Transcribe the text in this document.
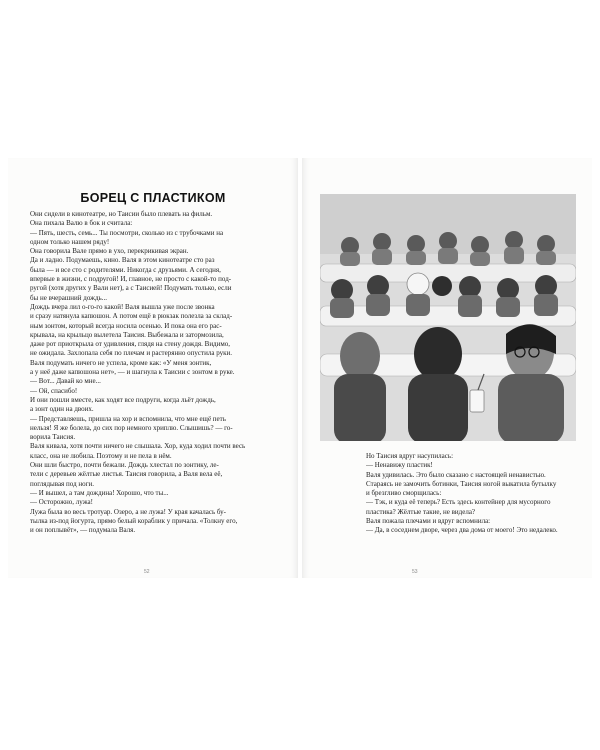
БОРЕЦ С ПЛАСТИКОМ

Они сидели в кинотеатре, но Таисии было плевать на фильм.

Она пихала Валю в бок и считала:

— Пять, шесть, семь... Ты посмотри, сколько из с трубочками на

одном только нашем ряду!

Она говорила Вале прямо в ухо, перекрикивая экран.

Да и ладно. Подумаешь, кино. Валя в этом кинотеатре сто раз

была — и все сто с родителями. Никогда с друзьями. А сегодня,

впервые в жизни, с подругой! И, главное, не просто с какой-то под-

ругой (хотя других у Вали нет), а с Таисией! Подумать только, если

бы не вчерашний дождь...

Дождь вчера лил о-го-го какой! Валя вышла уже после звонка

и сразу натянула капюшон. А потом ещё в рюкзак полезла за склад-

ным зонтом, который всегда носила осенью. И пока она его рас-

крывала, на крыльцо вылетела Таисия. Выбежала и затормозила,

даже рот приоткрыла от удивления, глядя на стену дождя. Видимо,

не ожидала. Захлопала себя по плечам и растерянно опустила руки.

Валя подумать ничего не успела, кроме как: «У меня зонтик,

а у неё даже капюшона нет», — и шагнула к Таисии с зонтом в руке.

— Вот... Давай ко мне...

— Ой, спасибо!

И они пошли вместе, как ходят все подруги, когда льёт дождь,

а зонт один на двоих.

— Представляешь, пришла на хор и вспомнила, что мне ещё петь

нельзя! Я же болела, до сих пор немного хриплю. Слышишь? — го-

ворила Таисия.

Валя кивала, хотя почти ничего не слышала. Хор, куда ходил почти весь

класс, она не любила. Поэтому и не пела в нём.

Они шли быстро, почти бежали. Дождь хлестал по зонтику, ле-

тели с деревьев жёлтые листья. Таисия говорила, а Валя вела её,

поглядывая под ноги.

— И вышел, а там дождина! Хорошо, что ты...

— Осторожно, лужа!

Лужа была во весь тротуар. Озеро, а не лужа! У края качалась бу-

тылка из-под йогурта, прямо белый кораблик у причала. «Толкну его,

и он поплывёт», — подумала Валя.

52

Но Таисия вдруг насупилась:

— Ненавижу пластик!

Валя удивилась. Это было сказано с настоящей ненавистью.

Стараясь не замочить ботинки, Таисия ногой выкатила бутылку

и брезгливо сморщилась:

— Тэк, и куда её теперь? Есть здесь контейнер для мусорного

пластика? Жёлтые такие, не видела?

Валя пожала плечами и вдруг вспомнила:

— Да, в соседнем дворе, через два дома от моего! Это недалеко.

53
